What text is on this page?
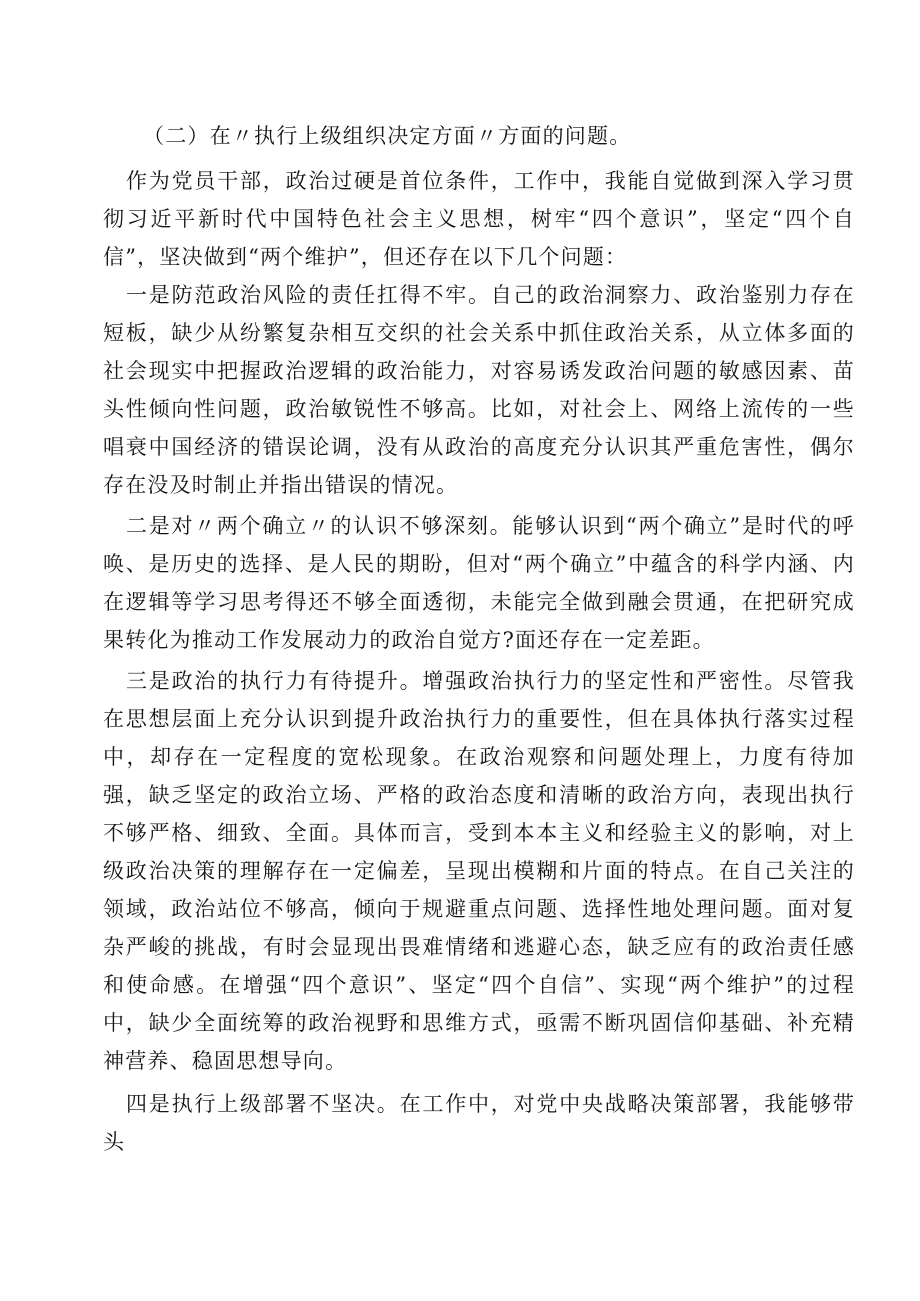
（二）在〃执行上级组织决定方面〃方面的问题。

作为党员干部，政治过硬是首位条件，工作中，我能自觉做到深入学习贯彻习近平新时代中国特色社会主义思想，树牢“四个意识”，坚定“四个自信”，坚决做到“两个维护”，但还存在以下几个问题：

一是防范政治风险的责任扛得不牢。自己的政治洞察力、政治鉴别力存在短板，缺少从纷繁复杂相互交织的社会关系中抓住政治关系，从立体多面的社会现实中把握政治逻辑的政治能力，对容易诱发政治问题的敏感因素、苗头性倾向性问题，政治敏锐性不够高。比如，对社会上、网络上流传的一些唱衰中国经济的错误论调，没有从政治的高度充分认识其严重危害性，偶尔存在没及时制止并指出错误的情况。

二是对〃两个确立〃的认识不够深刻。能够认识到“两个确立”是时代的呼唤、是历史的选择、是人民的期盼，但对“两个确立”中蕴含的科学内涵、内在逻辑等学习思考得还不够全面透彻，未能完全做到融会贯通，在把研究成果转化为推动工作发展动力的政治自觉方?面还存在一定差距。

三是政治的执行力有待提升。增强政治执行力的坚定性和严密性。尽管我在思想层面上充分认识到提升政治执行力的重要性，但在具体执行落实过程中，却存在一定程度的宽松现象。在政治观察和问题处理上，力度有待加强，缺乏坚定的政治立场、严格的政治态度和清晰的政治方向，表现出执行不够严格、细致、全面。具体而言，受到本本主义和经验主义的影响，对上级政治决策的理解存在一定偏差，呈现出模糊和片面的特点。在自己关注的领域，政治站位不够高，倾向于规避重点问题、选择性地处理问题。面对复杂严峻的挑战，有时会显现出畏难情绪和逃避心态，缺乏应有的政治责任感和使命感。在增强“四个意识”、坚定“四个自信”、实现“两个维护”的过程中，缺少全面统筹的政治视野和思维方式，亟需不断巩固信仰基础、补充精神营养、稳固思想导向。

四是执行上级部署不坚决。在工作中，对党中央战略决策部署，我能够带头
